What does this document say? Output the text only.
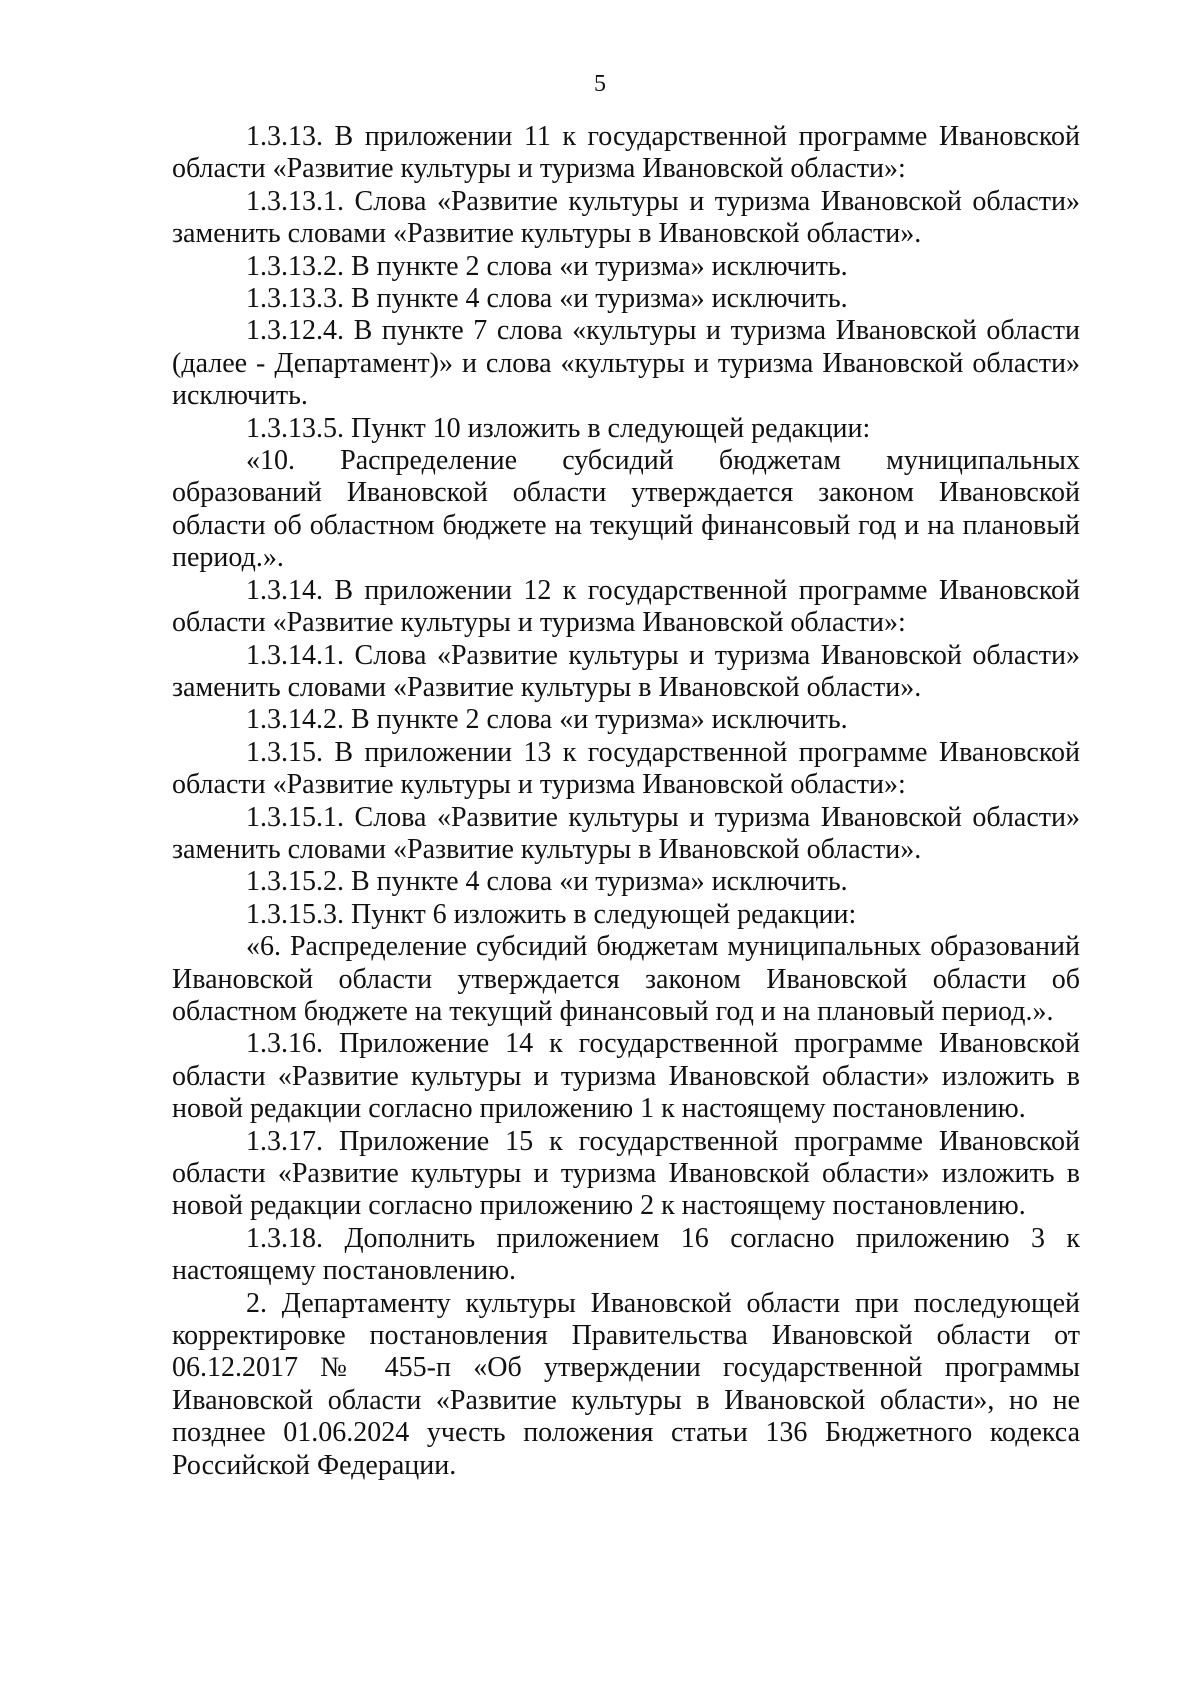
5

1.3.13. В приложении 11 к государственной программе Ивановской области «Развитие культуры и туризма Ивановской области»:

1.3.13.1. Слова «Развитие культуры и туризма Ивановской области» заменить словами «Развитие культуры в Ивановской области».

1.3.13.2. В пункте 2 слова «и туризма» исключить.

1.3.13.3. В пункте 4 слова «и туризма» исключить.

1.3.12.4. В пункте 7 слова «культуры и туризма Ивановской области (далее - Департамент)» и слова «культуры и туризма Ивановской области» исключить.

1.3.13.5. Пункт 10 изложить в следующей редакции:

«10. Распределение субсидий бюджетам муниципальных образований Ивановской области утверждается законом Ивановской области об областном бюджете на текущий финансовый год и на плановый период.».

1.3.14. В приложении 12 к государственной программе Ивановской области «Развитие культуры и туризма Ивановской области»:

1.3.14.1. Слова «Развитие культуры и туризма Ивановской области» заменить словами «Развитие культуры в Ивановской области».

1.3.14.2. В пункте 2 слова «и туризма» исключить.

1.3.15. В приложении 13 к государственной программе Ивановской области «Развитие культуры и туризма Ивановской области»:

1.3.15.1. Слова «Развитие культуры и туризма Ивановской области» заменить словами «Развитие культуры в Ивановской области».

1.3.15.2. В пункте 4 слова «и туризма» исключить.

1.3.15.3. Пункт 6 изложить в следующей редакции:

«6. Распределение субсидий бюджетам муниципальных образований Ивановской области утверждается законом Ивановской области об областном бюджете на текущий финансовый год и на плановый период.».

1.3.16. Приложение 14 к государственной программе Ивановской области «Развитие культуры и туризма Ивановской области» изложить в новой редакции согласно приложению 1 к настоящему постановлению.

1.3.17. Приложение 15 к государственной программе Ивановской области «Развитие культуры и туризма Ивановской области» изложить в новой редакции согласно приложению 2 к настоящему постановлению.

1.3.18. Дополнить приложением 16 согласно приложению 3 к настоящему постановлению.

2. Департаменту культуры Ивановской области при последующей корректировке постановления Правительства Ивановской области от 06.12.2017 № 455-п «Об утверждении государственной программы Ивановской области «Развитие культуры в Ивановской области», но не позднее 01.06.2024 учесть положения статьи 136 Бюджетного кодекса Российской Федерации.
